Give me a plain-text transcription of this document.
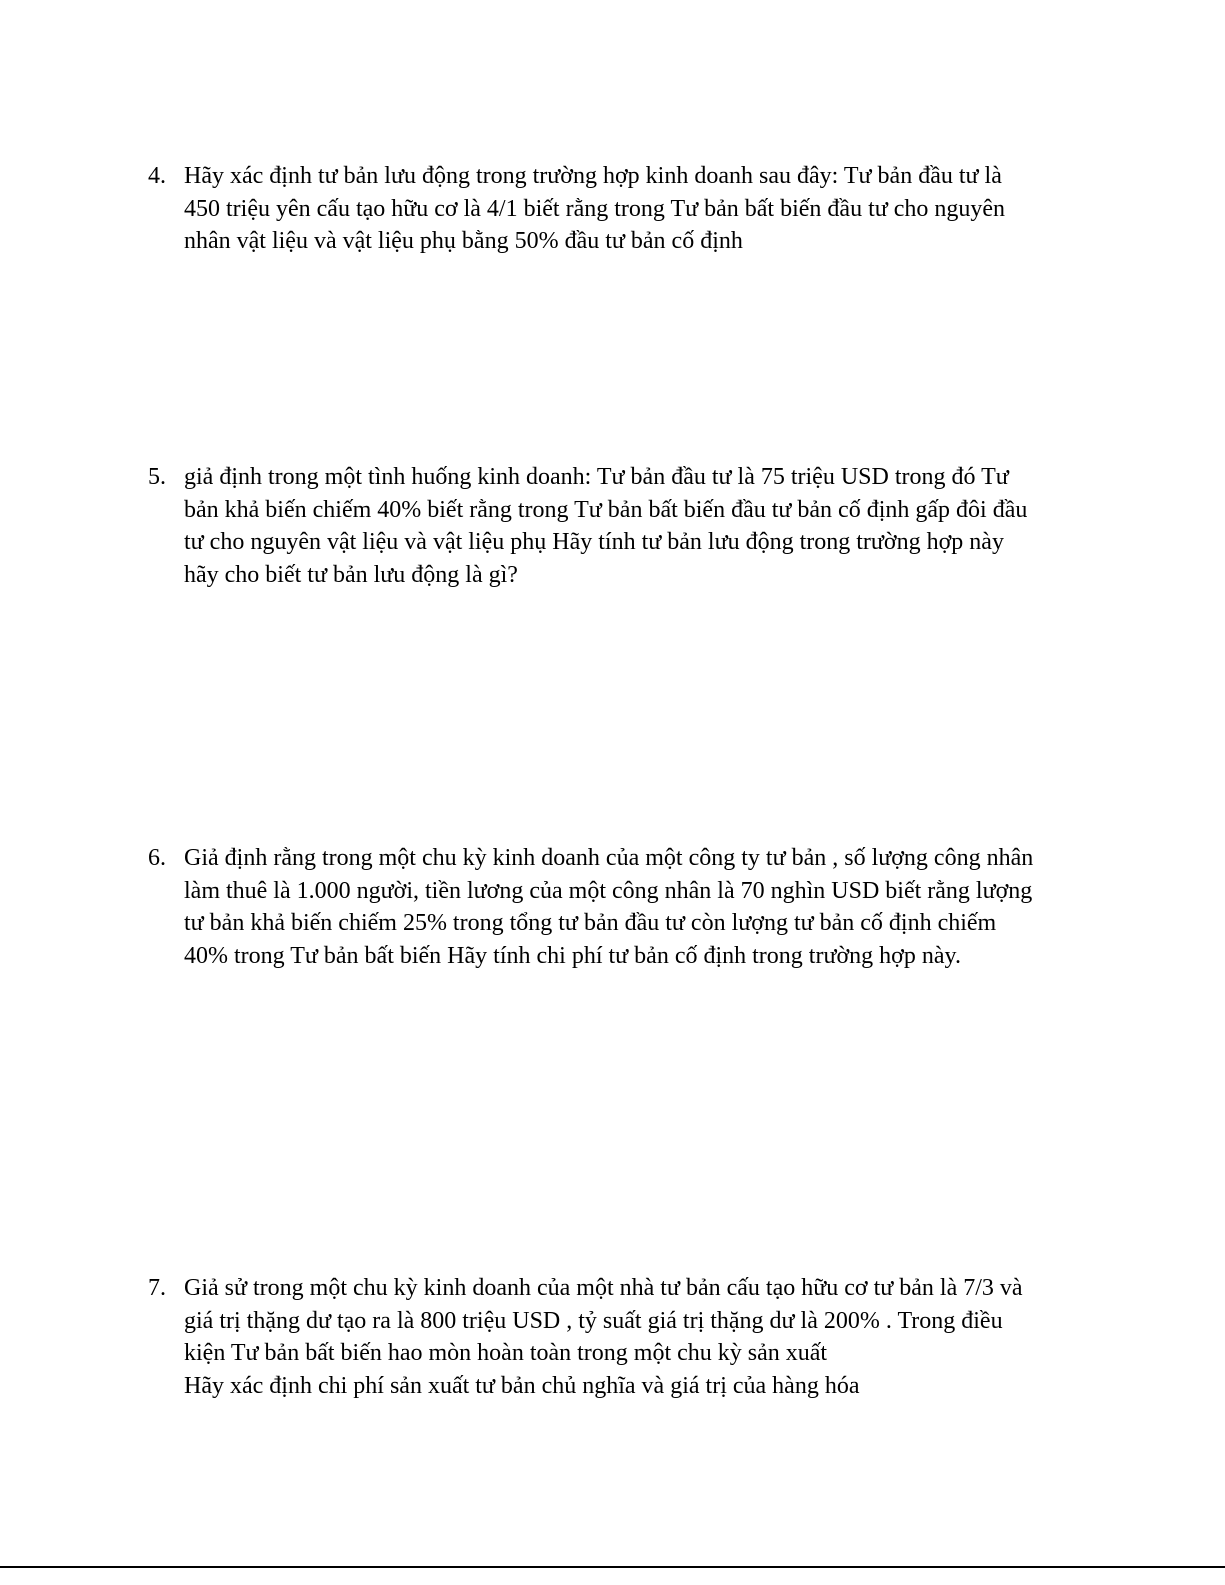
4. Hãy xác định tư bản lưu động trong trường hợp kinh doanh sau đây: Tư bản đầu tư là
450 triệu yên cấu tạo hữu cơ là 4/1 biết rằng trong Tư bản bất biến đầu tư cho nguyên
nhân vật liệu và vật liệu phụ bằng 50% đầu tư bản cố định
5. giả định trong một tình huống kinh doanh: Tư bản đầu tư là 75 triệu USD trong đó Tư
bản khả biến chiếm 40% biết rằng trong Tư bản bất biến đầu tư bản cố định gấp đôi đầu
tư cho nguyên vật liệu và vật liệu phụ Hãy tính tư bản lưu động trong trường hợp này
hãy cho biết tư bản lưu động là gì?
6. Giả định rằng trong một chu kỳ kinh doanh của một công ty tư bản , số lượng công nhân
làm thuê là 1.000 người, tiền lương của một công nhân là 70 nghìn USD biết rằng lượng
tư bản khả biến chiếm 25% trong tổng tư bản đầu tư còn lượng tư bản cố định chiếm
40% trong Tư bản bất biến Hãy tính chi phí tư bản cố định trong trường hợp này.
7. Giả sử trong một chu kỳ kinh doanh của một nhà tư bản cấu tạo hữu cơ tư bản là 7/3 và
giá trị thặng dư tạo ra là 800 triệu USD , tỷ suất giá trị thặng dư là 200% . Trong điều
kiện Tư bản bất biến hao mòn hoàn toàn trong một chu kỳ sản xuất
Hãy xác định chi phí sản xuất tư bản chủ nghĩa và giá trị của hàng hóa
